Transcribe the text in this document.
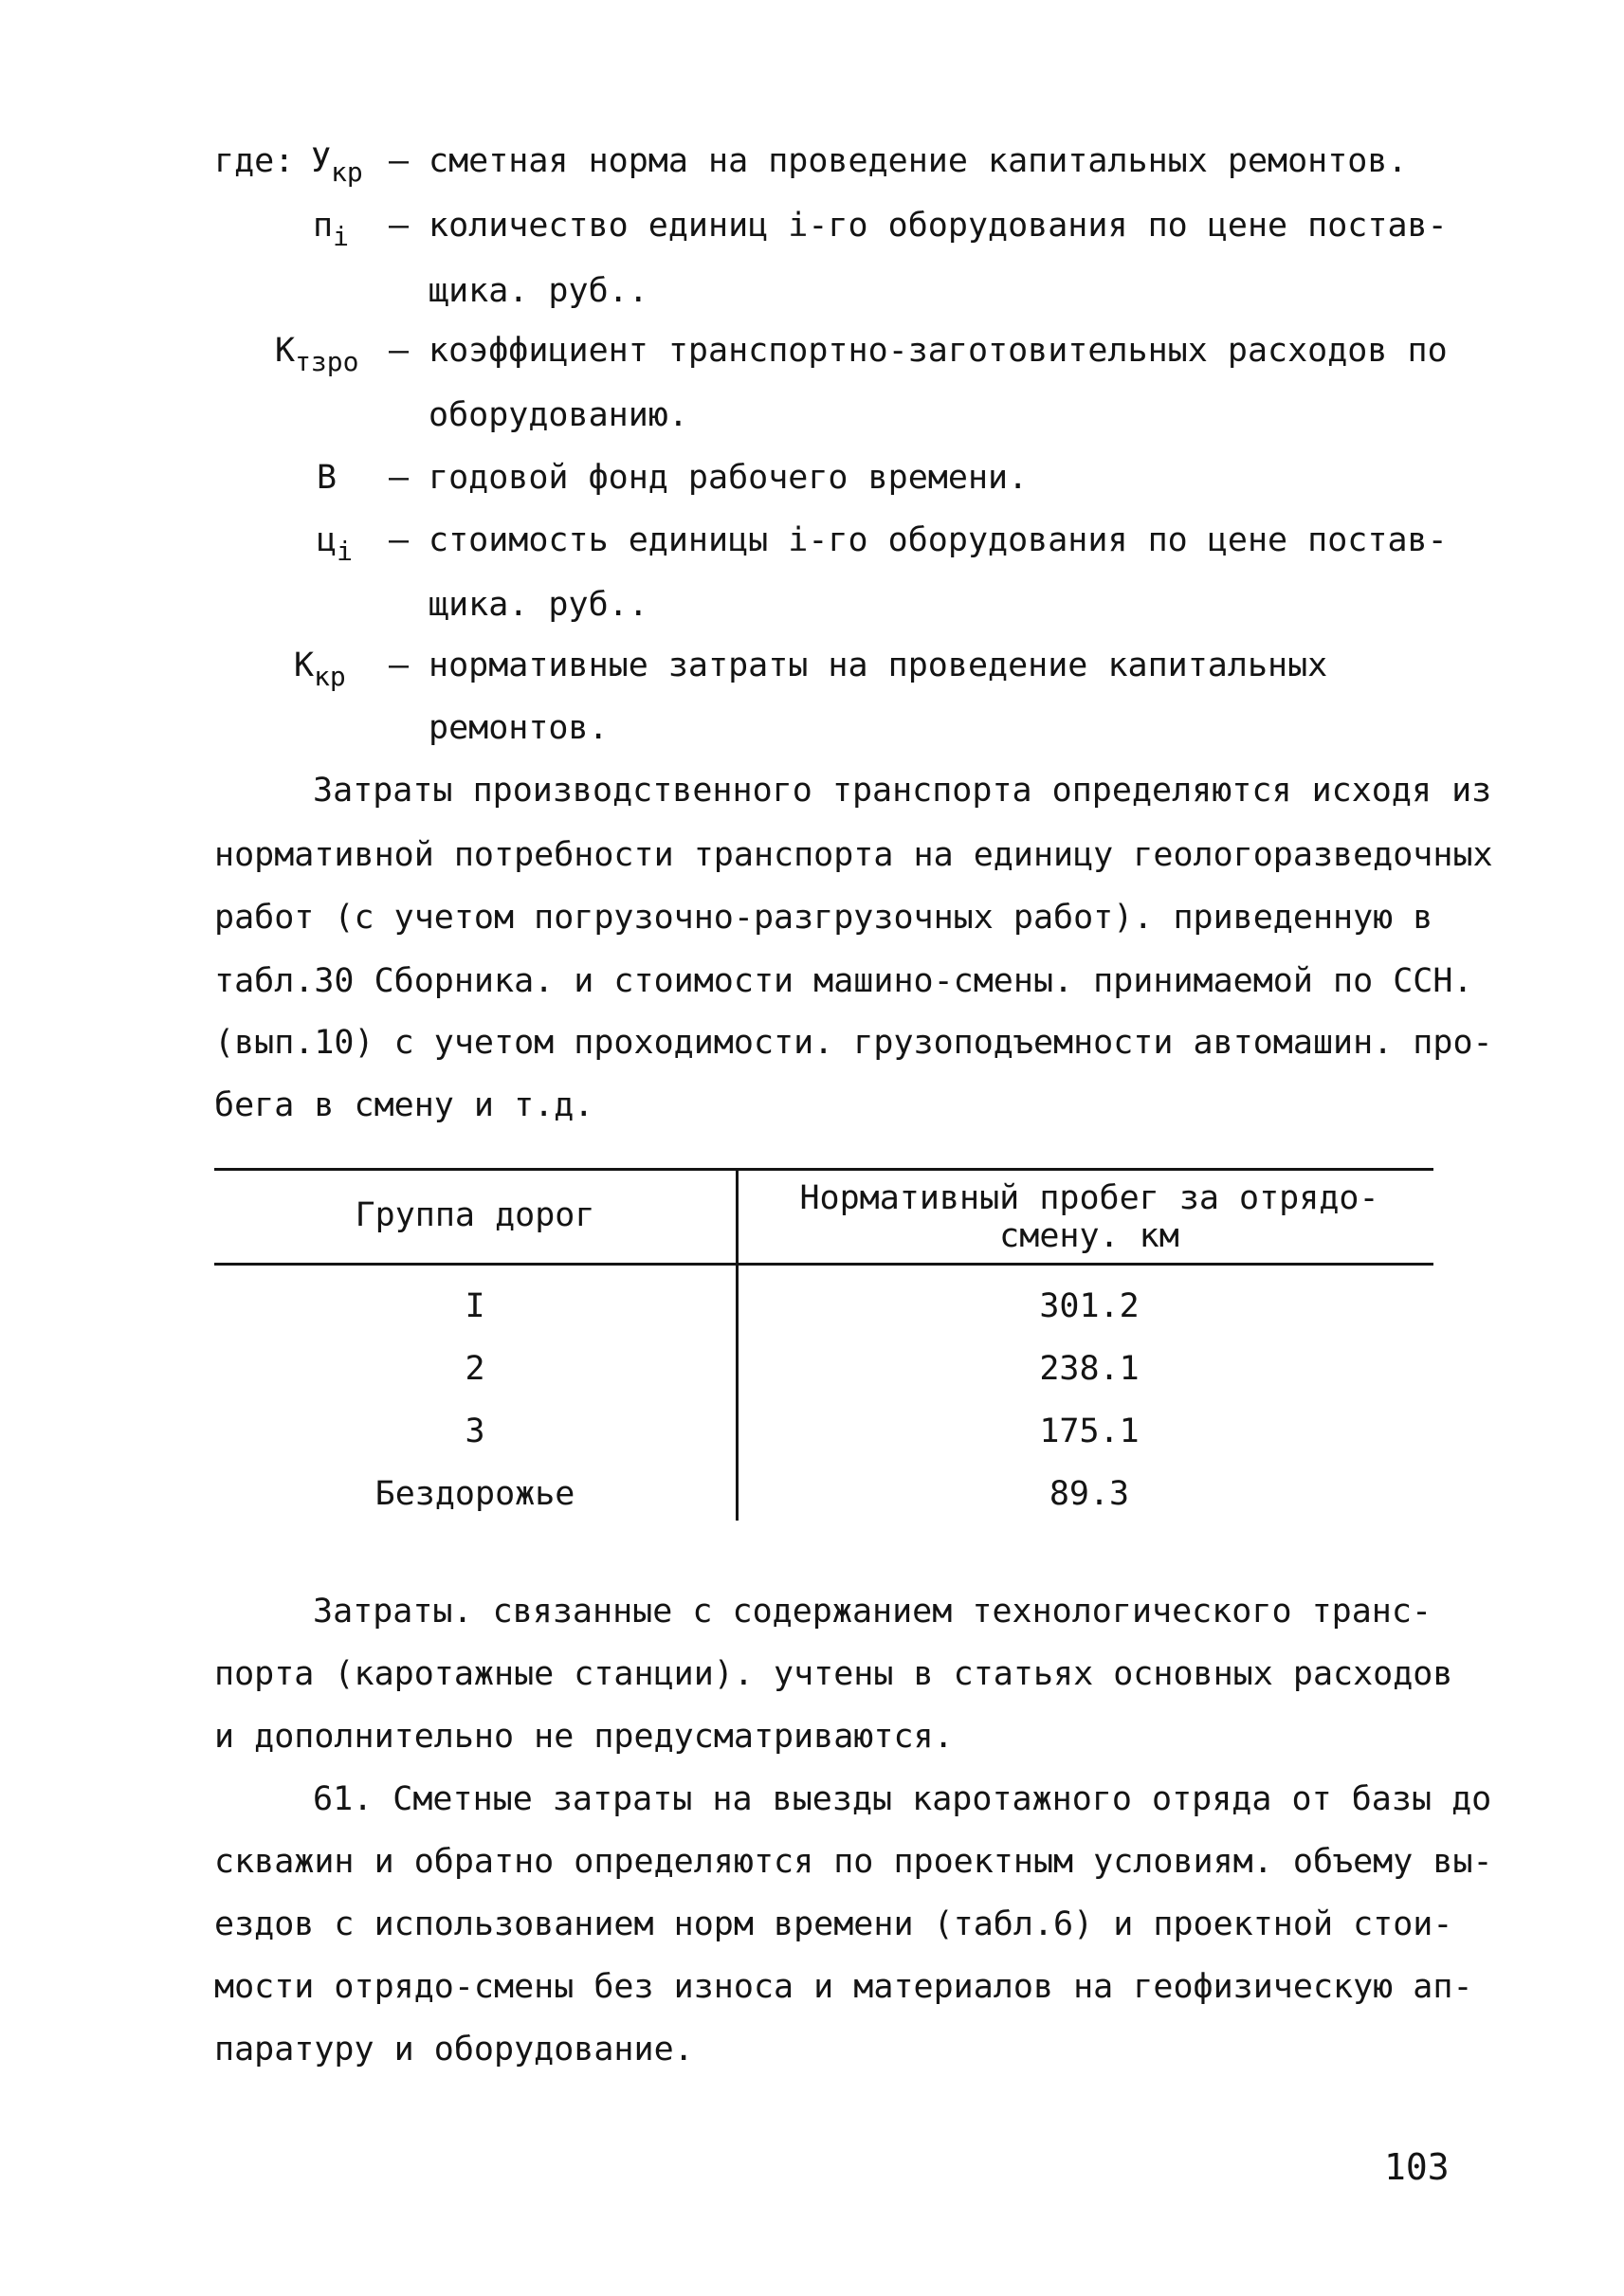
где: $У_{кр}$ – сметная норма на проведение капитальных ремонтов.
$п_i$ – количество единиц i-го оборудования по цене постав-
щика. руб..
$К_{тзро}$ – коэффициент транспортно-заготовительных расходов по
оборудованию.
В – годовой фонд рабочего времени.
$ц_i$ – стоимость единицы i-го оборудования по цене постав-
щика. руб..
$К_{кр}$ – нормативные затраты на проведение капитальных
ремонтов.
Затраты производственного транспорта определяются исходя из
нормативной потребности транспорта на единицу геологоразведочных
работ (с учетом погрузочно-разгрузочных работ). приведенную в
табл.30 Сборника. и стоимости машино-смены. принимаемой по ССН.
(вып.10) с учетом проходимости. грузоподъемности автомашин. про-
бега в смену и т.д.
Группа дорог	Нормативный пробег за отрядо-
смену. км
I	301.2
2	238.1
3	175.1
Бездорожье	89.3
Затраты. связанные с содержанием технологического транс-
порта (каротажные станции). учтены в статьях основных расходов
и дополнительно не предусматриваются.
61. Сметные затраты на выезды каротажного отряда от базы до
скважин и обратно определяются по проектным условиям. объему вы-
ездов с использованием норм времени (табл.6) и проектной стои-
мости отрядо-смены без износа и материалов на геофизическую ап-
паратуру и оборудование.
103
